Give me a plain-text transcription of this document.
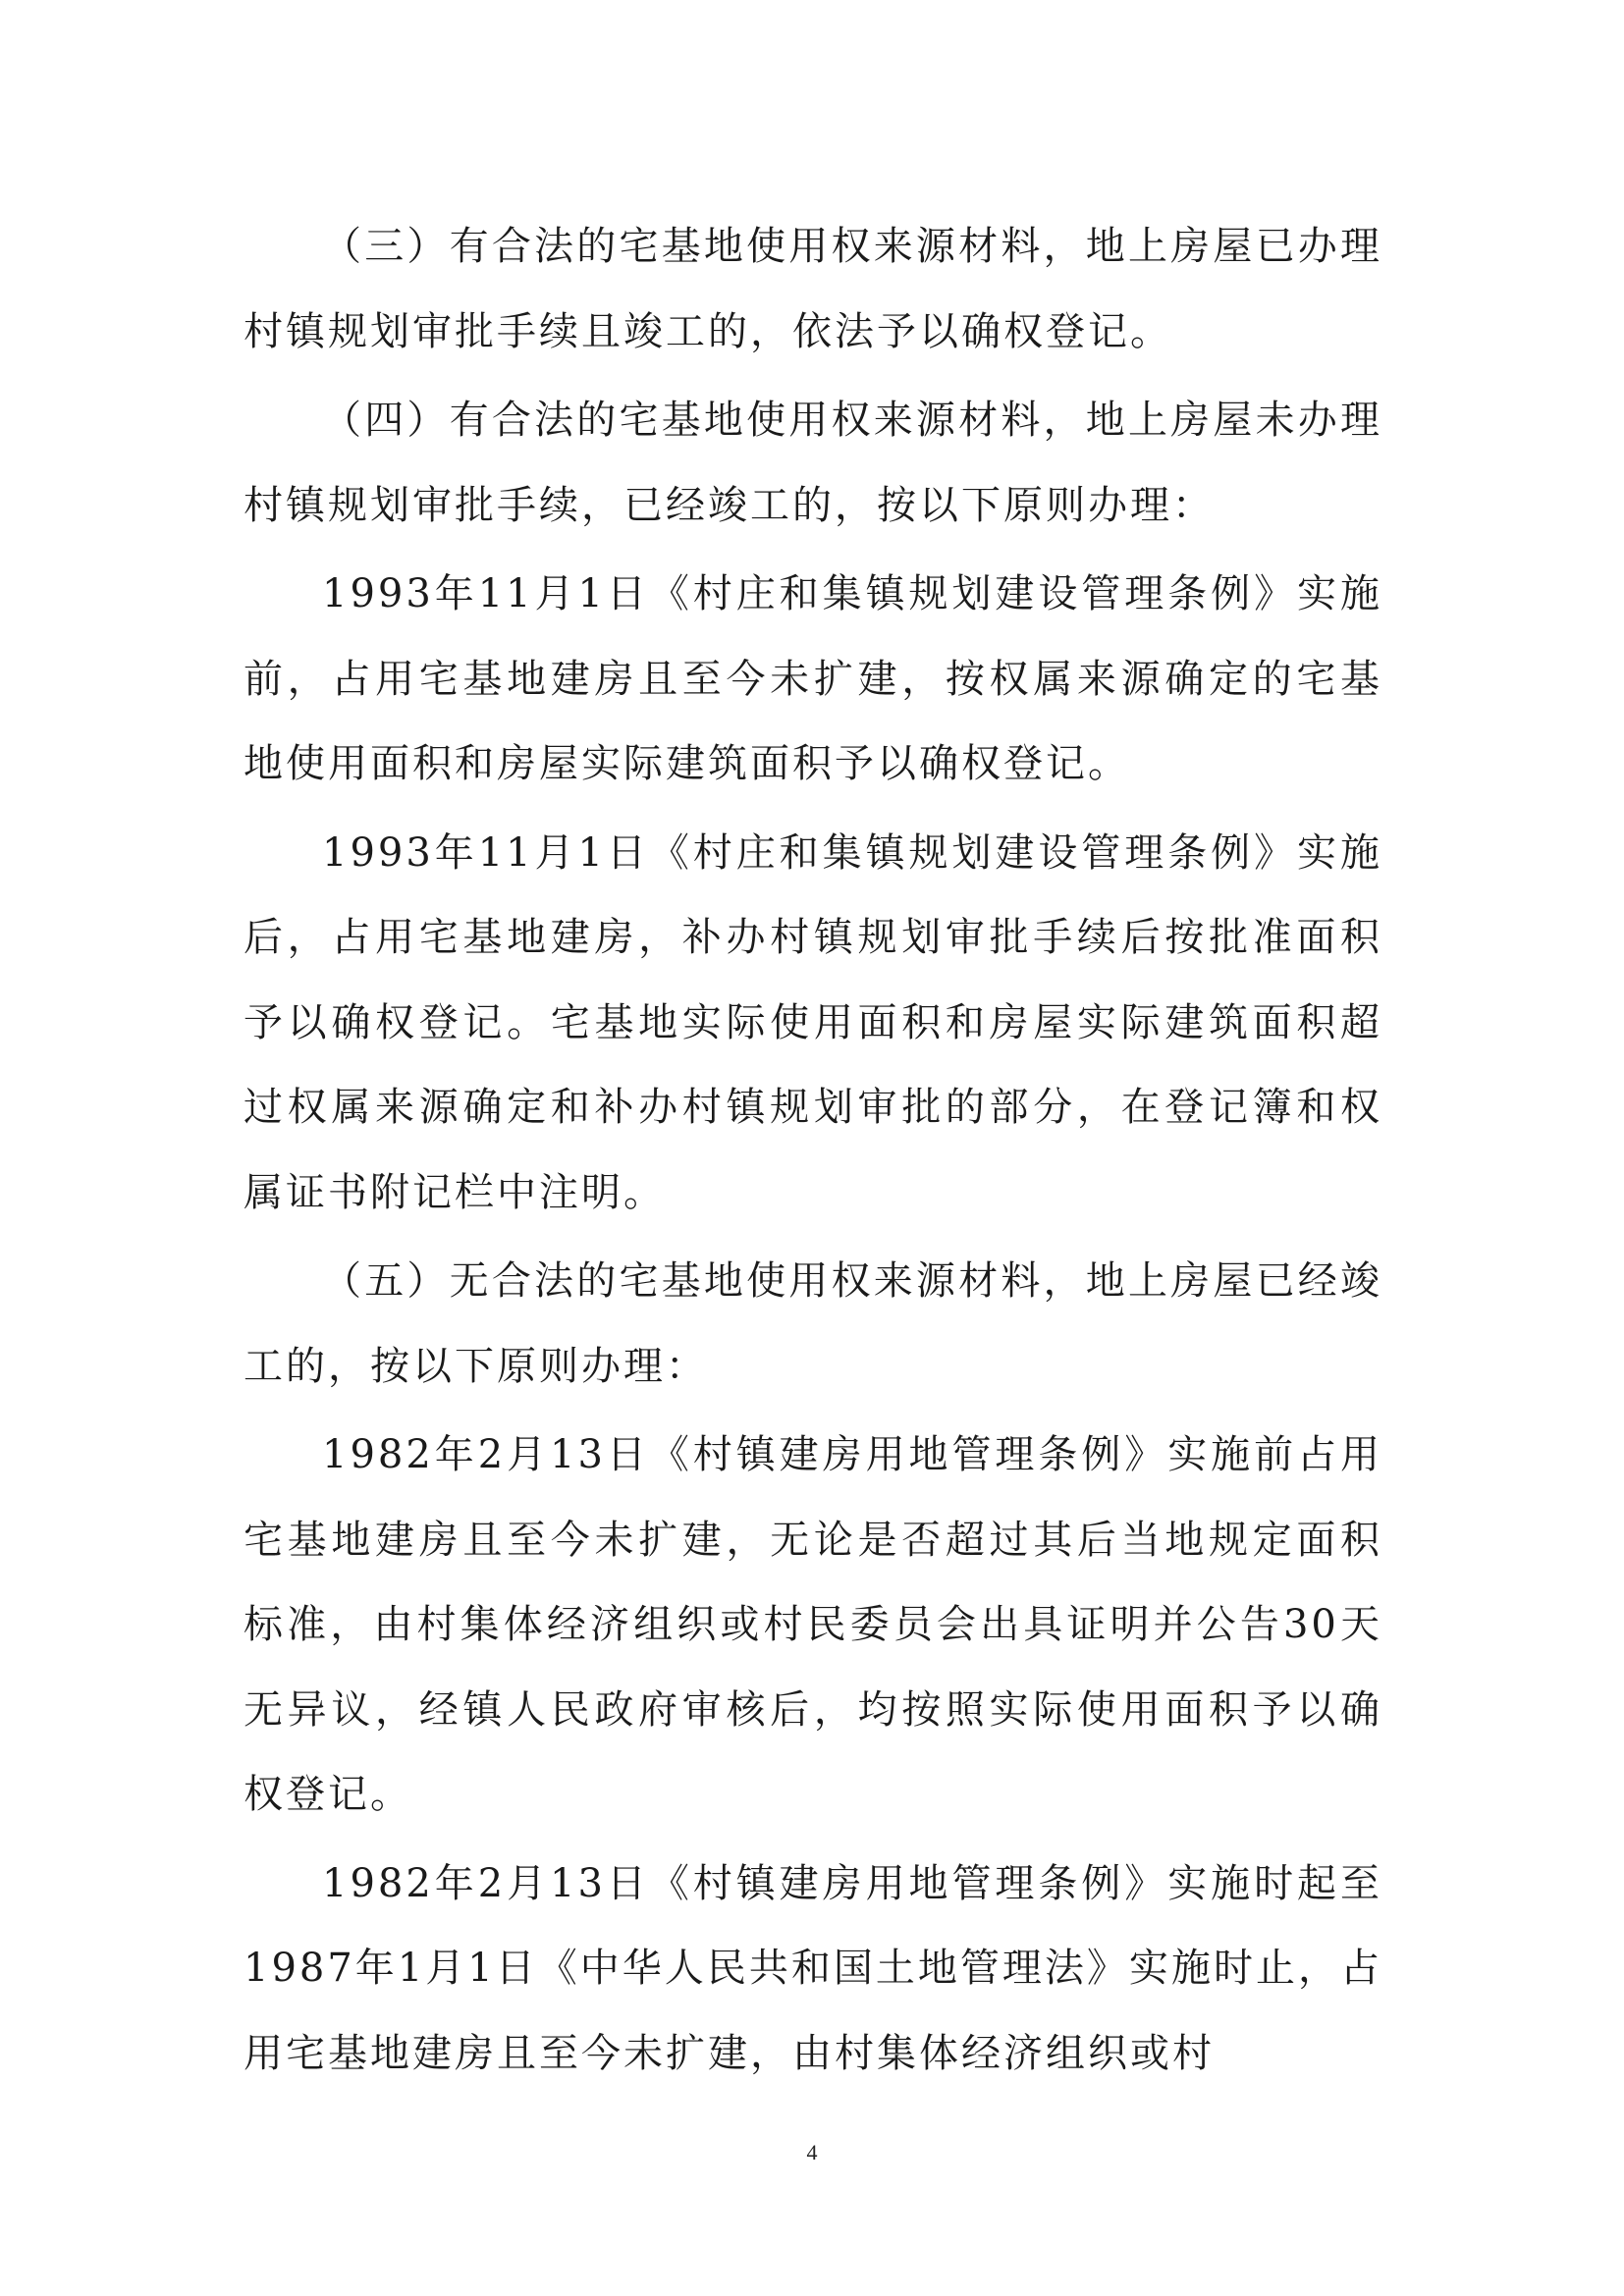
（三）有合法的宅基地使用权来源材料，地上房屋已办理村镇规划审批手续且竣工的，依法予以确权登记。

（四）有合法的宅基地使用权来源材料，地上房屋未办理村镇规划审批手续，已经竣工的，按以下原则办理：

1993年11月1日《村庄和集镇规划建设管理条例》实施前，占用宅基地建房且至今未扩建，按权属来源确定的宅基地使用面积和房屋实际建筑面积予以确权登记。

1993年11月1日《村庄和集镇规划建设管理条例》实施后，占用宅基地建房，补办村镇规划审批手续后按批准面积予以确权登记。宅基地实际使用面积和房屋实际建筑面积超过权属来源确定和补办村镇规划审批的部分，在登记簿和权属证书附记栏中注明。

（五）无合法的宅基地使用权来源材料，地上房屋已经竣工的，按以下原则办理：

1982年2月13日《村镇建房用地管理条例》实施前占用宅基地建房且至今未扩建，无论是否超过其后当地规定面积标准，由村集体经济组织或村民委员会出具证明并公告30天无异议，经镇人民政府审核后，均按照实际使用面积予以确权登记。

1982年2月13日《村镇建房用地管理条例》实施时起至1987年1月1日《中华人民共和国土地管理法》实施时止，占用宅基地建房且至今未扩建，由村集体经济组织或村

4
